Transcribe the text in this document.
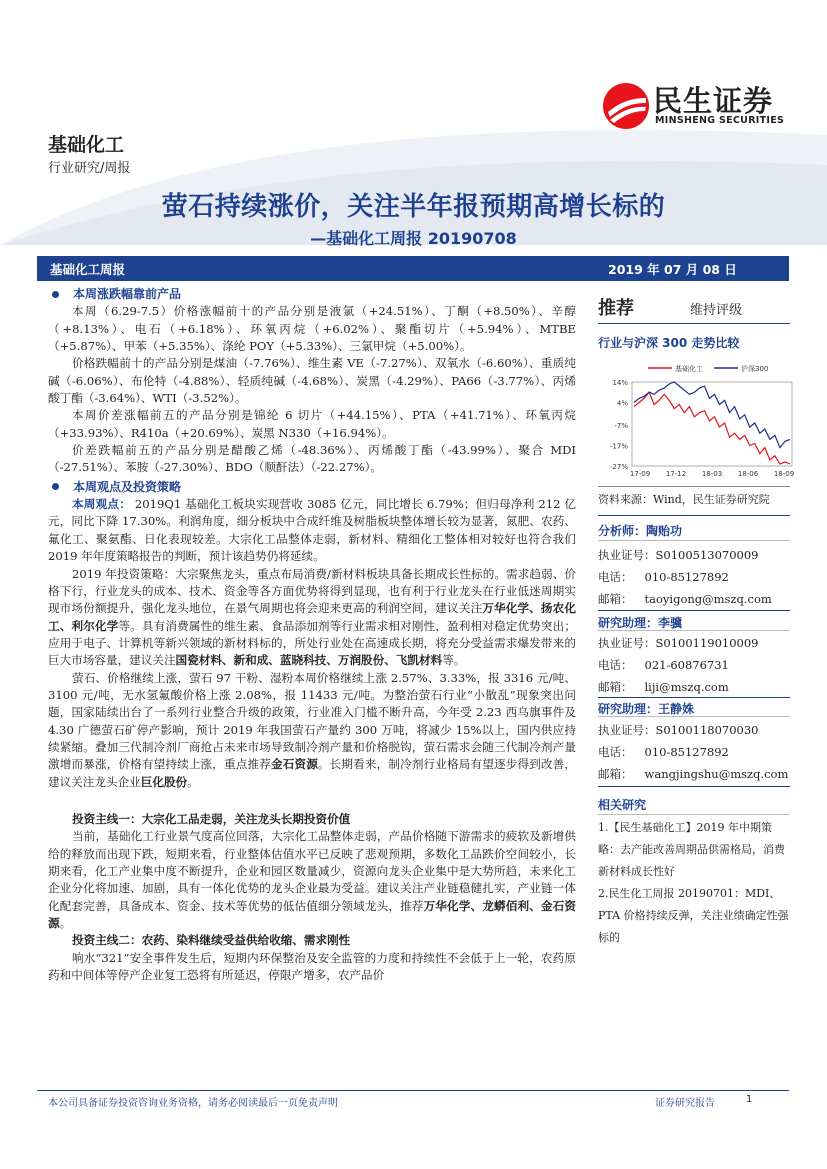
民生证券
MINSHENG SECURITIES
基础化工
行业研究/周报
萤石持续涨价，关注半年报预期高增长标的
—基础化工周报 20190708
基础化工周报	2019 年 07 月 08 日
本周涨跌幅靠前产品

本周（6.29-7.5）价格涨幅前十的产品分别是液氯（+24.51%）、丁酮（+8.50%）、辛醇（+8.13%）、电石（+6.18%）、环氧丙烷（+6.02%）、聚酯切片（+5.94%）、MTBE（+5.87%）、甲苯（+5.35%）、涤纶 POY（+5.33%）、三氯甲烷（+5.00%）。

价格跌幅前十的产品分别是煤油（-7.76%）、维生素 VE（-7.27%）、双氧水（-6.60%）、重质纯碱（-6.06%）、布伦特（-4.88%）、轻质纯碱（-4.68%）、炭黑（-4.29%）、PA66（-3.77%）、丙烯酸丁酯（-3.64%）、WTI（-3.52%）。

本周价差涨幅前五的产品分别是锦纶 6 切片（+44.15%）、PTA（+41.71%）、环氧丙烷（+33.93%）、R410a（+20.69%）、炭黑 N330（+16.94%）。

价差跌幅前五的产品分别是醋酸乙烯（-48.36%）、丙烯酸丁酯（-43.99%）、聚合 MDI（-27.51%）、苯胺（-27.30%）、BDO（顺酐法）（-22.27%）。

本周观点及投资策略

本周观点： 2019Q1 基础化工板块实现营收 3085 亿元，同比增长 6.79%；但归母净利 212 亿元，同比下降 17.30%。利润角度，细分板块中合成纤维及树脂板块整体增长较为显著，氮肥、农药、氟化工、聚氨酯、日化表现较差。大宗化工品整体走弱，新材料、精细化工整体相对较好也符合我们 2019 年年度策略报告的判断，预计该趋势仍将延续。

2019 年投资策略：大宗聚焦龙头，重点布局消费/新材料板块具备长期成长性标的。需求趋弱、价格下行，行业龙头的成本、技术、资金等各方面优势将得到显现，也有利于行业龙头在行业低迷周期实现市场份额提升，强化龙头地位，在景气周期也将会迎来更高的利润空间，建议关注万华化学、扬农化工、利尔化学等。具有消费属性的维生素、食品添加剂等行业需求相对刚性，盈利相对稳定优势突出；应用于电子、计算机等新兴领域的新材料标的，所处行业处在高速成长期，将充分受益需求爆发带来的巨大市场容量，建议关注国瓷材料、新和成、蓝晓科技、万润股份、飞凯材料等。

萤石、价格继续上涨，萤石 97 干粉、湿粉本周价格继续上涨 2.57%、3.33%，报 3316 元/吨、3100 元/吨，无水氢氟酸价格上涨 2.08%，报 11433 元/吨。为整治萤石行业“小散乱”现象突出问题，国家陆续出台了一系列行业整合升级的政策，行业准入门槛不断升高，今年受 2.23 西乌旗事件及 4.30 广德萤石矿停产影响，预计 2019 年我国萤石产量约 300 万吨，将减少 15%以上，国内供应持续紧缩。叠加三代制冷剂厂商抢占未来市场导致制冷剂产量和价格脱钩，萤石需求会随三代制冷剂产量激增而暴涨，价格有望持续上涨，重点推荐金石资源。长期看来，制冷剂行业格局有望逐步得到改善，建议关注龙头企业巨化股份。

投资主线一：大宗化工品走弱，关注龙头长期投资价值

当前，基础化工行业景气度高位回落，大宗化工品整体走弱，产品价格随下游需求的疲软及新增供给的释放而出现下跌，短期来看，行业整体估值水平已反映了悲观预期，多数化工品跌价空间较小，长期来看，化工产业集中度不断提升，企业和园区数量减少，资源向龙头企业集中是大势所趋，未来化工企业分化将加速、加剧，具有一体化优势的龙头企业最为受益。建议关注产业链稳健扎实，产业链一体化配套完善，具备成本、资金、技术等优势的低估值细分领域龙头，推荐万华化学、龙蟒佰利、金石资源。

投资主线二：农药、染料继续受益供给收缩、需求刚性

响水“321”安全事件发生后，短期内环保整治及安全监管的力度和持续性不会低于上一轮，农药原药和中间体等停产企业复工恐将有所延迟，停限产增多，农产品价

推荐	维持评级
行业与沪深 300 走势比较
14%
4%
-7%
-17%
-27%
17-09 17-12 18-03 18-06 18-09
基础化工	沪深300
资料来源：Wind，民生证券研究院
分析师：陶贻功
执业证号：S0100513070009
电话： 010-85127892
邮箱： taoyigong@mszq.com
研究助理：李骥
执业证号：S0100119010009
电话： 021-60876731
邮箱： liji@mszq.com
研究助理：王静姝
执业证号：S0100118070030
电话： 010-85127892
邮箱： wangjingshu@mszq.com
相关研究
1.【民生基础化工】2019 年中期策略：去产能改善周期品供需格局，消费新材料成长性好
2.民生化工周报 20190701：MDI、PTA 价格持续反弹，关注业绩确定性强标的
本公司具备证券投资咨询业务资格，请务必阅读最后一页免责声明	证券研究报告	1
